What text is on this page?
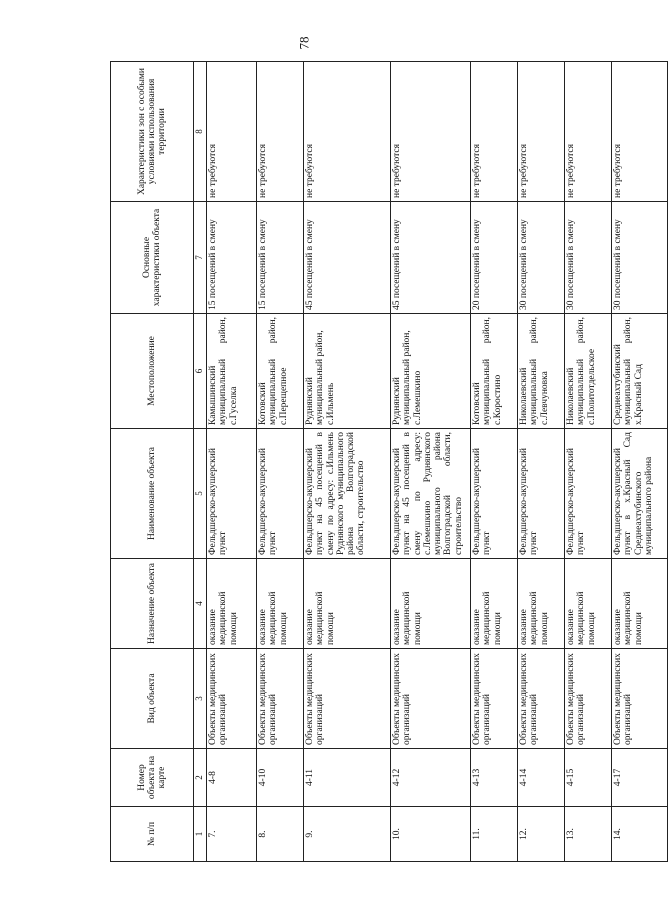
78
№ п/п	Номер объекта на карте	Вид объекта	Назначение объекта	Наименование объекта	Местоположение	Основные характеристики объекта	Характеристики зон с особыми условиями использования территории
1	2	3	4	5	6	7	8
7.	4-8	Объекты медицинских организаций	оказание медицинской помощи	Фельдшерско-акушерский пункт	Камышинский муниципальный район, с.Гуселка	15 посещений в смену	не требуются
8.	4-10	Объекты медицинских организаций	оказание медицинской помощи	Фельдшерско-акушерский пункт	Котовский муниципальный район, с.Перещепное	15 посещений в смену	не требуются
9.	4-11	Объекты медицинских организаций	оказание медицинской помощи	Фельдшерско-акушерский пункт на 45 посещений в смену по адресу: с.Ильмень Руднянского муниципального района Волгоградской области, строительство	Руднянский муниципальный район, с.Ильмень	45 посещений в смену	не требуются
10.	4-12	Объекты медицинских организаций	оказание медицинской помощи	Фельдшерско-акушерский пункт на 45 посещений в смену по адресу: с.Лемешкино Руднянского муниципального района Волгоградской области, строительство	Руднянский муниципальный район, с.Лемешкино	45 посещений в смену	не требуются
11.	4-13	Объекты медицинских организаций	оказание медицинской помощи	Фельдшерско-акушерский пункт	Котовский муниципальный район, с.Коростино	20 посещений в смену	не требуются
12.	4-14	Объекты медицинских организаций	оказание медицинской помощи	Фельдшерско-акушерский пункт	Николаевский муниципальный район, с.Левчуновка	30 посещений в смену	не требуются
13.	4-15	Объекты медицинских организаций	оказание медицинской помощи	Фельдшерско-акушерский пункт	Николаевский муниципальный район, с.Политотдельское	30 посещений в смену	не требуются
14.	4-17	Объекты медицинских организаций	оказание медицинской помощи	Фельдшерско-акушерский пункт в х.Красный Сад Среднеахтубинского муниципального района	Среднеахтубинский муниципальный район, х.Красный Сад	30 посещений в смену	не требуются
